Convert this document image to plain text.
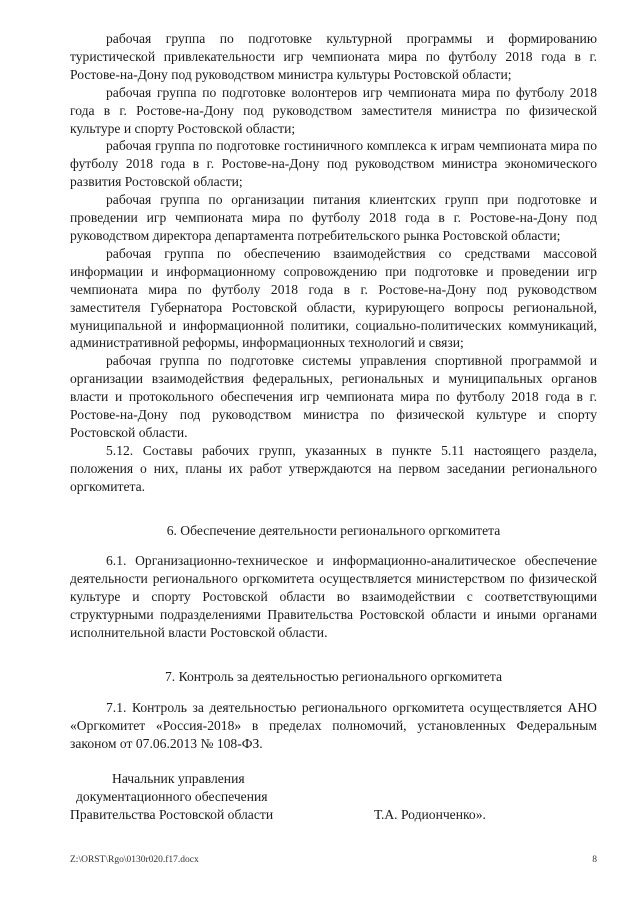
рабочая группа по подготовке культурной программы и формированию туристической привлекательности игр чемпионата мира по футболу 2018 года в г. Ростове-на-Дону под руководством министра культуры Ростовской области;

рабочая группа по подготовке волонтеров игр чемпионата мира по футболу 2018 года в г. Ростове-на-Дону под руководством заместителя министра по физической культуре и спорту Ростовской области;

рабочая группа по подготовке гостиничного комплекса к играм чемпионата мира по футболу 2018 года в г. Ростове-на-Дону под руководством министра экономического развития Ростовской области;

рабочая группа по организации питания клиентских групп при подготовке и проведении игр чемпионата мира по футболу 2018 года в г. Ростове-на-Дону под руководством директора департамента потребительского рынка Ростовской области;

рабочая группа по обеспечению взаимодействия со средствами массовой информации и информационному сопровождению при подготовке и проведении игр чемпионата мира по футболу 2018 года в г. Ростове-на-Дону под руководством заместителя Губернатора Ростовской области, курирующего вопросы региональной, муниципальной и информационной политики, социально-политических коммуникаций, административной реформы, информационных технологий и связи;

рабочая группа по подготовке системы управления спортивной программой и организации взаимодействия федеральных, региональных и муниципальных органов власти и протокольного обеспечения игр чемпионата мира по футболу 2018 года в г. Ростове-на-Дону под руководством министра по физической культуре и спорту Ростовской области.

5.12. Составы рабочих групп, указанных в пункте 5.11 настоящего раздела, положения о них, планы их работ утверждаются на первом заседании регионального оргкомитета.

6. Обеспечение деятельности регионального оргкомитета

6.1. Организационно-техническое и информационно-аналитическое обеспечение деятельности регионального оргкомитета осуществляется министерством по физической культуре и спорту Ростовской области во взаимодействии с соответствующими структурными подразделениями Правительства Ростовской области и иными органами исполнительной власти Ростовской области.

7. Контроль за деятельностью регионального оргкомитета

7.1. Контроль за деятельностью регионального оргкомитета осуществляется АНО «Оргкомитет «Россия-2018» в пределах полномочий, установленных Федеральным законом от 07.06.2013 № 108-ФЗ.

Начальник управления
документационного обеспечения
Правительства Ростовской области	Т.А. Родионченко».
Z:\ORST\Rgo\0130r020.f17.docx	8
